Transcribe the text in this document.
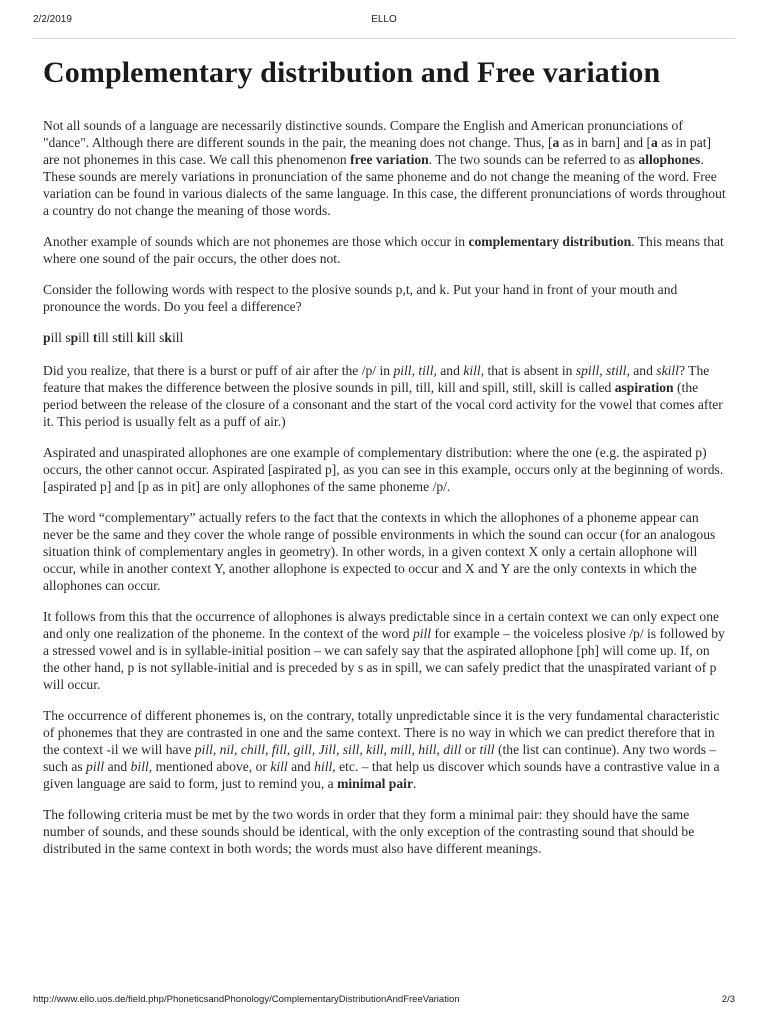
2/2/2019	ELLO
Complementary distribution and Free variation

Not all sounds of a language are necessarily distinctive sounds. Compare the English and American pronunciations of "dance". Although there are different sounds in the pair, the meaning does not change. Thus, [a as in barn] and [a as in pat] are not phonemes in this case. We call this phenomenon free variation. The two sounds can be referred to as allophones. These sounds are merely variations in pronunciation of the same phoneme and do not change the meaning of the word. Free variation can be found in various dialects of the same language. In this case, the different pronunciations of words throughout a country do not change the meaning of those words.

Another example of sounds which are not phonemes are those which occur in complementary distribution. This means that where one sound of the pair occurs, the other does not.

Consider the following words with respect to the plosive sounds p,t, and k. Put your hand in front of your mouth and pronounce the words. Do you feel a difference?

pill spill till still kill skill

Did you realize, that there is a burst or puff of air after the /p/ in pill, till, and kill, that is absent in spill, still, and skill? The feature that makes the difference between the plosive sounds in pill, till, kill and spill, still, skill is called aspiration (the period between the release of the closure of a consonant and the start of the vocal cord activity for the vowel that comes after it. This period is usually felt as a puff of air.)

Aspirated and unaspirated allophones are one example of complementary distribution: where the one (e.g. the aspirated p) occurs, the other cannot occur. Aspirated [aspirated p], as you can see in this example, occurs only at the beginning of words. [aspirated p] and [p as in pit] are only allophones of the same phoneme /p/.

The word “complementary” actually refers to the fact that the contexts in which the allophones of a phoneme appear can never be the same and they cover the whole range of possible environments in which the sound can occur (for an analogous situation think of complementary angles in geometry). In other words, in a given context X only a certain allophone will occur, while in another context Y, another allophone is expected to occur and X and Y are the only contexts in which the allophones can occur.

It follows from this that the occurrence of allophones is always predictable since in a certain context we can only expect one and only one realization of the phoneme. In the context of the word pill for example – the voiceless plosive /p/ is followed by a stressed vowel and is in syllable-initial position – we can safely say that the aspirated allophone [ph] will come up. If, on the other hand, p is not syllable-initial and is preceded by s as in spill, we can safely predict that the unaspirated variant of p will occur.

The occurrence of different phonemes is, on the contrary, totally unpredictable since it is the very fundamental characteristic of phonemes that they are contrasted in one and the same context. There is no way in which we can predict therefore that in the context -il we will have pill, nil, chill, fill, gill, Jill, sill, kill, mill, hill, dill or till (the list can continue). Any two words – such as pill and bill, mentioned above, or kill and hill, etc. – that help us discover which sounds have a contrastive value in a given language are said to form, just to remind you, a minimal pair.

The following criteria must be met by the two words in order that they form a minimal pair: they should have the same number of sounds, and these sounds should be identical, with the only exception of the contrasting sound that should be distributed in the same context in both words; the words must also have different meanings.

http://www.ello.uos.de/field.php/PhoneticsandPhonology/ComplementaryDistributionAndFreeVariation	2/3
